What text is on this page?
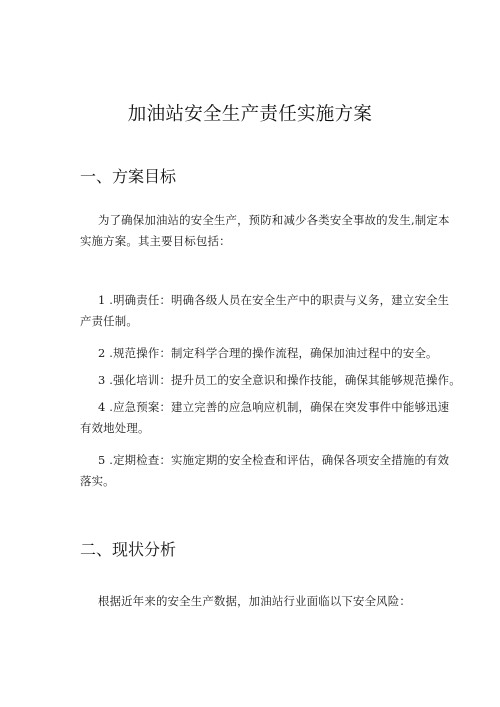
加油站安全生产责任实施方案
一、方案目标
为了确保加油站的安全生产，预防和减少各类安全事故的发生,制定本
实施方案。其主要目标包括：
1 .明确责任：明确各级人员在安全生产中的职责与义务，建立安全生
产责任制。
2 .规范操作：制定科学合理的操作流程，确保加油过程中的安全。
3 .强化培训：提升员工的安全意识和操作技能，确保其能够规范操作。
4 .应急预案：建立完善的应急响应机制，确保在突发事件中能够迅速
有效地处理。
5 .定期检查：实施定期的安全检查和评估，确保各项安全措施的有效
落实。
二、现状分析
根据近年来的安全生产数据，加油站行业面临以下安全风险：
